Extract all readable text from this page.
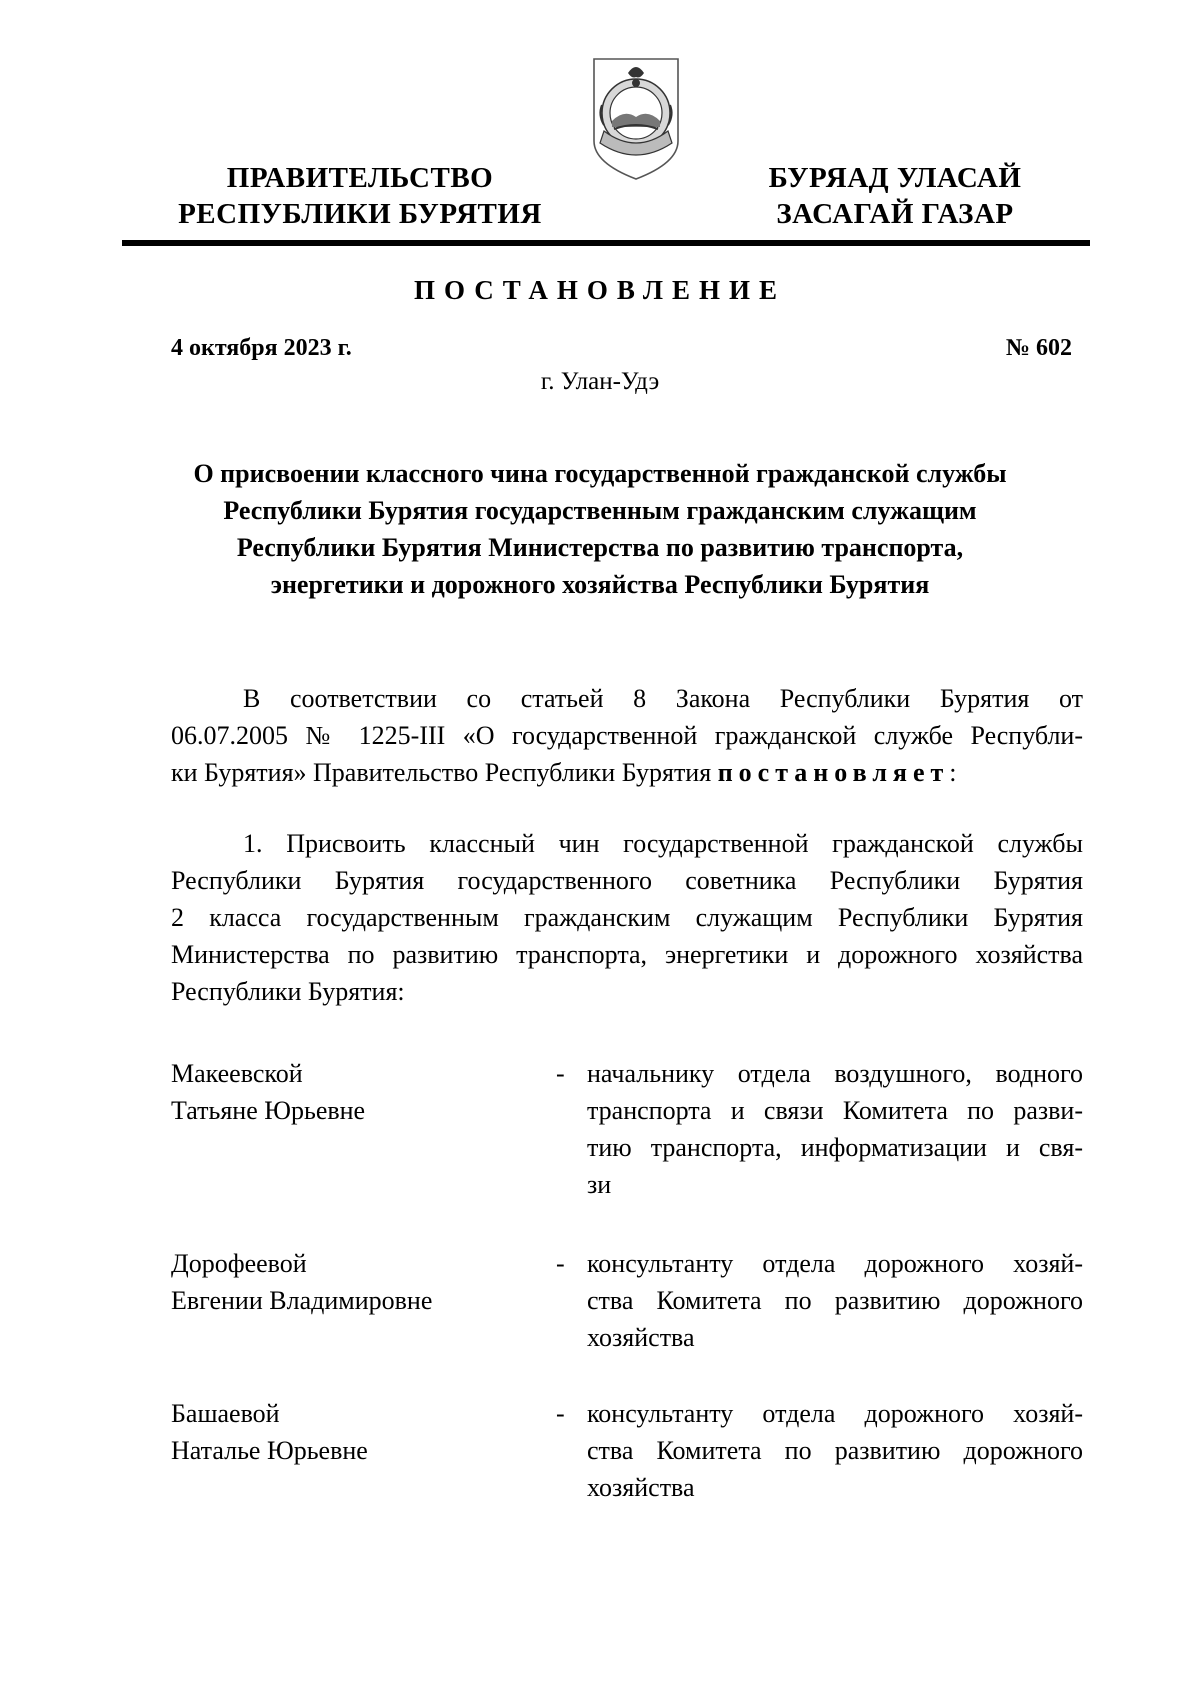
ПРАВИТЕЛЬСТВО
РЕСПУБЛИКИ БУРЯТИЯ
БУРЯАД УЛАСАЙ
ЗАСАГАЙ ГАЗАР
ПОСТАНОВЛЕНИЕ
4 октября 2023 г.	№ 602
г. Улан-Удэ
О присвоении классного чина государственной гражданской службы
Республики Бурятия государственным гражданским служащим
Республики Бурятия Министерства по развитию транспорта,
энергетики и дорожного хозяйства Республики Бурятия
В соответствии со статьей 8 Закона Республики Бурятия от
06.07.2005 № 1225-III «О государственной гражданской службе Республи-
ки Бурятия» Правительство Республики Бурятия постановляет:
1. Присвоить классный чин государственной гражданской службы
Республики Бурятия государственного советника Республики Бурятия
2 класса государственным гражданским служащим Республики Бурятия
Министерства по развитию транспорта, энергетики и дорожного хозяйства
Республики Бурятия:
Макеевской
Татьяне Юрьевне
- начальнику отдела воздушного, водного
транспорта и связи Комитета по разви-
тию транспорта, информатизации и свя-
зи
Дорофеевой
Евгении Владимировне
- консультанту отдела дорожного хозяй-
ства Комитета по развитию дорожного
хозяйства
Башаевой
Наталье Юрьевне
- консультанту отдела дорожного хозяй-
ства Комитета по развитию дорожного
хозяйства
